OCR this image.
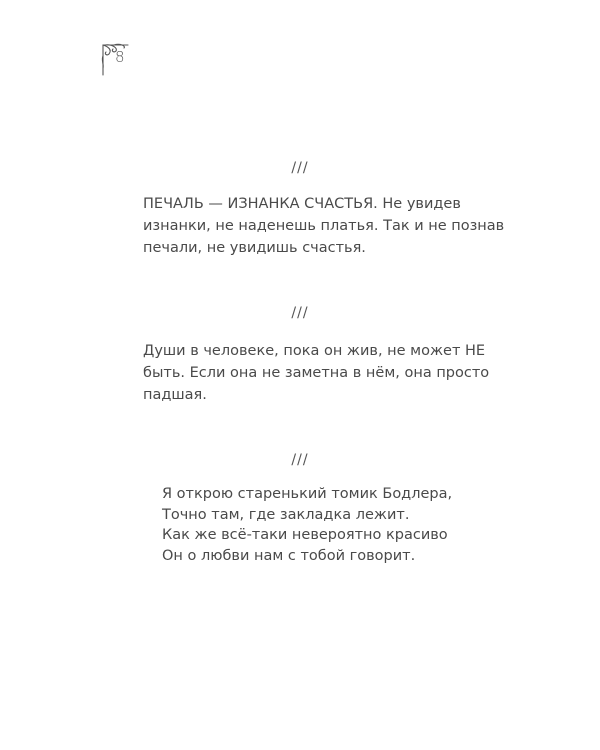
8
///
ПЕЧАЛЬ — ИЗНАНКА СЧАСТЬЯ. Не увидев
изнанки, не наденешь платья. Так и не познав
печали, не увидишь счастья.
///
Души в человеке, пока он жив, не может НЕ
быть. Если она не заметна в нём, она просто
падшая.
///
Я открою старенький томик Бодлера,
Точно там, где закладка лежит.
Как же всё-таки невероятно красиво
Он о любви нам с тобой говорит.
